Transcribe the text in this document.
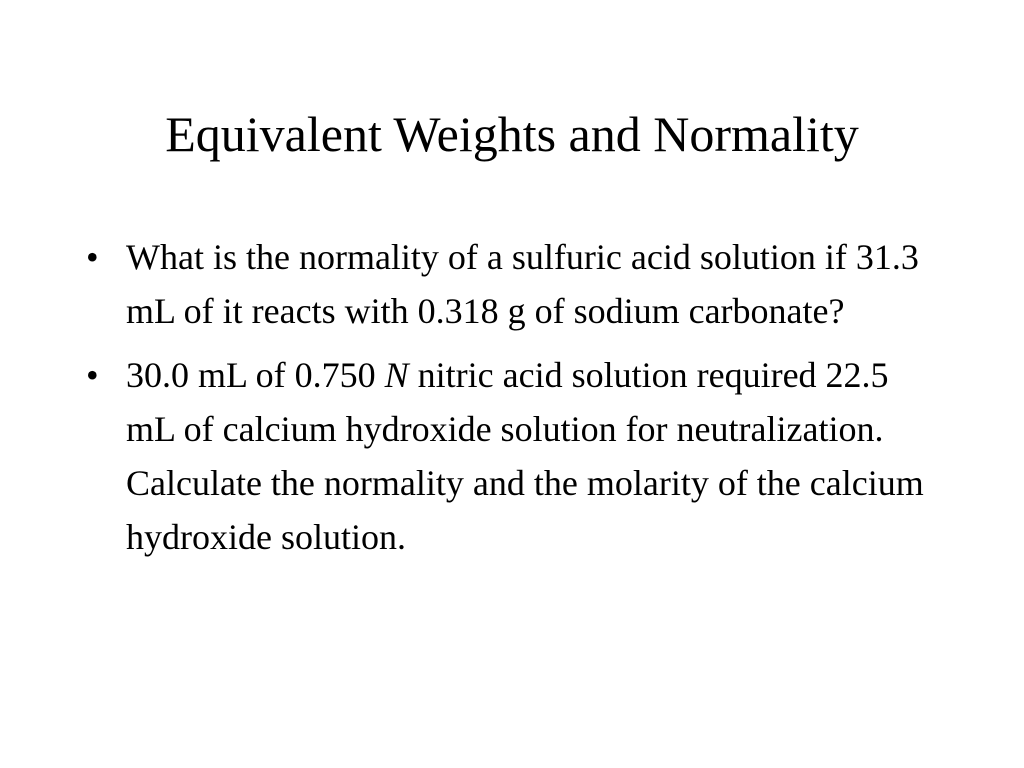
Equivalent Weights and Normality
• What is the normality of a sulfuric acid solution if 31.3 mL of it reacts with 0.318 g of sodium carbonate?
• 30.0 mL of 0.750 N nitric acid solution required 22.5 mL of calcium hydroxide solution for neutralization.  Calculate the normality and the molarity of the calcium hydroxide solution.
